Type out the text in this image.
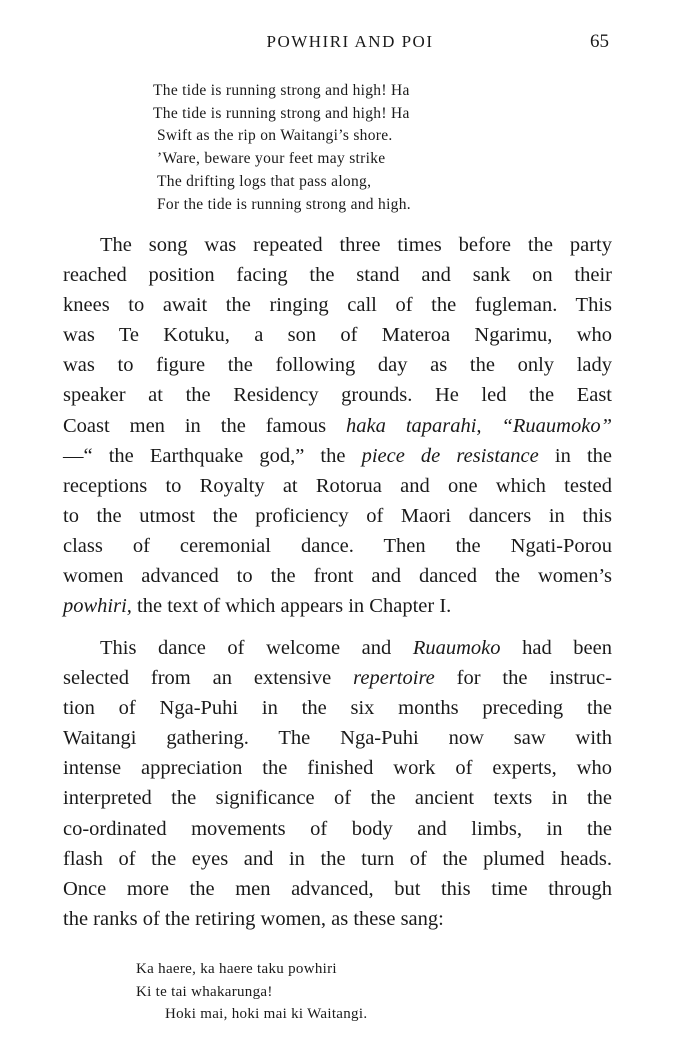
POWHIRI AND POI	65
The tide is running strong and high! Ha
The tide is running strong and high! Ha
Swift as the rip on Waitangi’s shore.
’Ware, beware your feet may strike
The drifting logs that pass along,
For the tide is running strong and high.
The song was repeated three times before the party
reached position facing the stand and sank on their
knees to await the ringing call of the fugleman. This
was Te Kotuku, a son of Materoa Ngarimu, who
was to figure the following day as the only lady
speaker at the Residency grounds. He led the East
Coast men in the famous haka taparahi, “Ruaumoko”
—“ the Earthquake god,” the piece de resistance in the
receptions to Royalty at Rotorua and one which tested
to the utmost the proficiency of Maori dancers in this
class of ceremonial dance. Then the Ngati-Porou
women advanced to the front and danced the women’s
powhiri, the text of which appears in Chapter I.
This dance of welcome and Ruaumoko had been
selected from an extensive repertoire for the instruc-
tion of Nga-Puhi in the six months preceding the
Waitangi gathering. The Nga-Puhi now saw with
intense appreciation the finished work of experts, who
interpreted the significance of the ancient texts in the
co-ordinated movements of body and limbs, in the
flash of the eyes and in the turn of the plumed heads.
Once more the men advanced, but this time through
the ranks of the retiring women, as these sang:
Ka haere, ka haere taku powhiri
Ki te tai whakarunga!
Hoki mai, hoki mai ki Waitangi.
